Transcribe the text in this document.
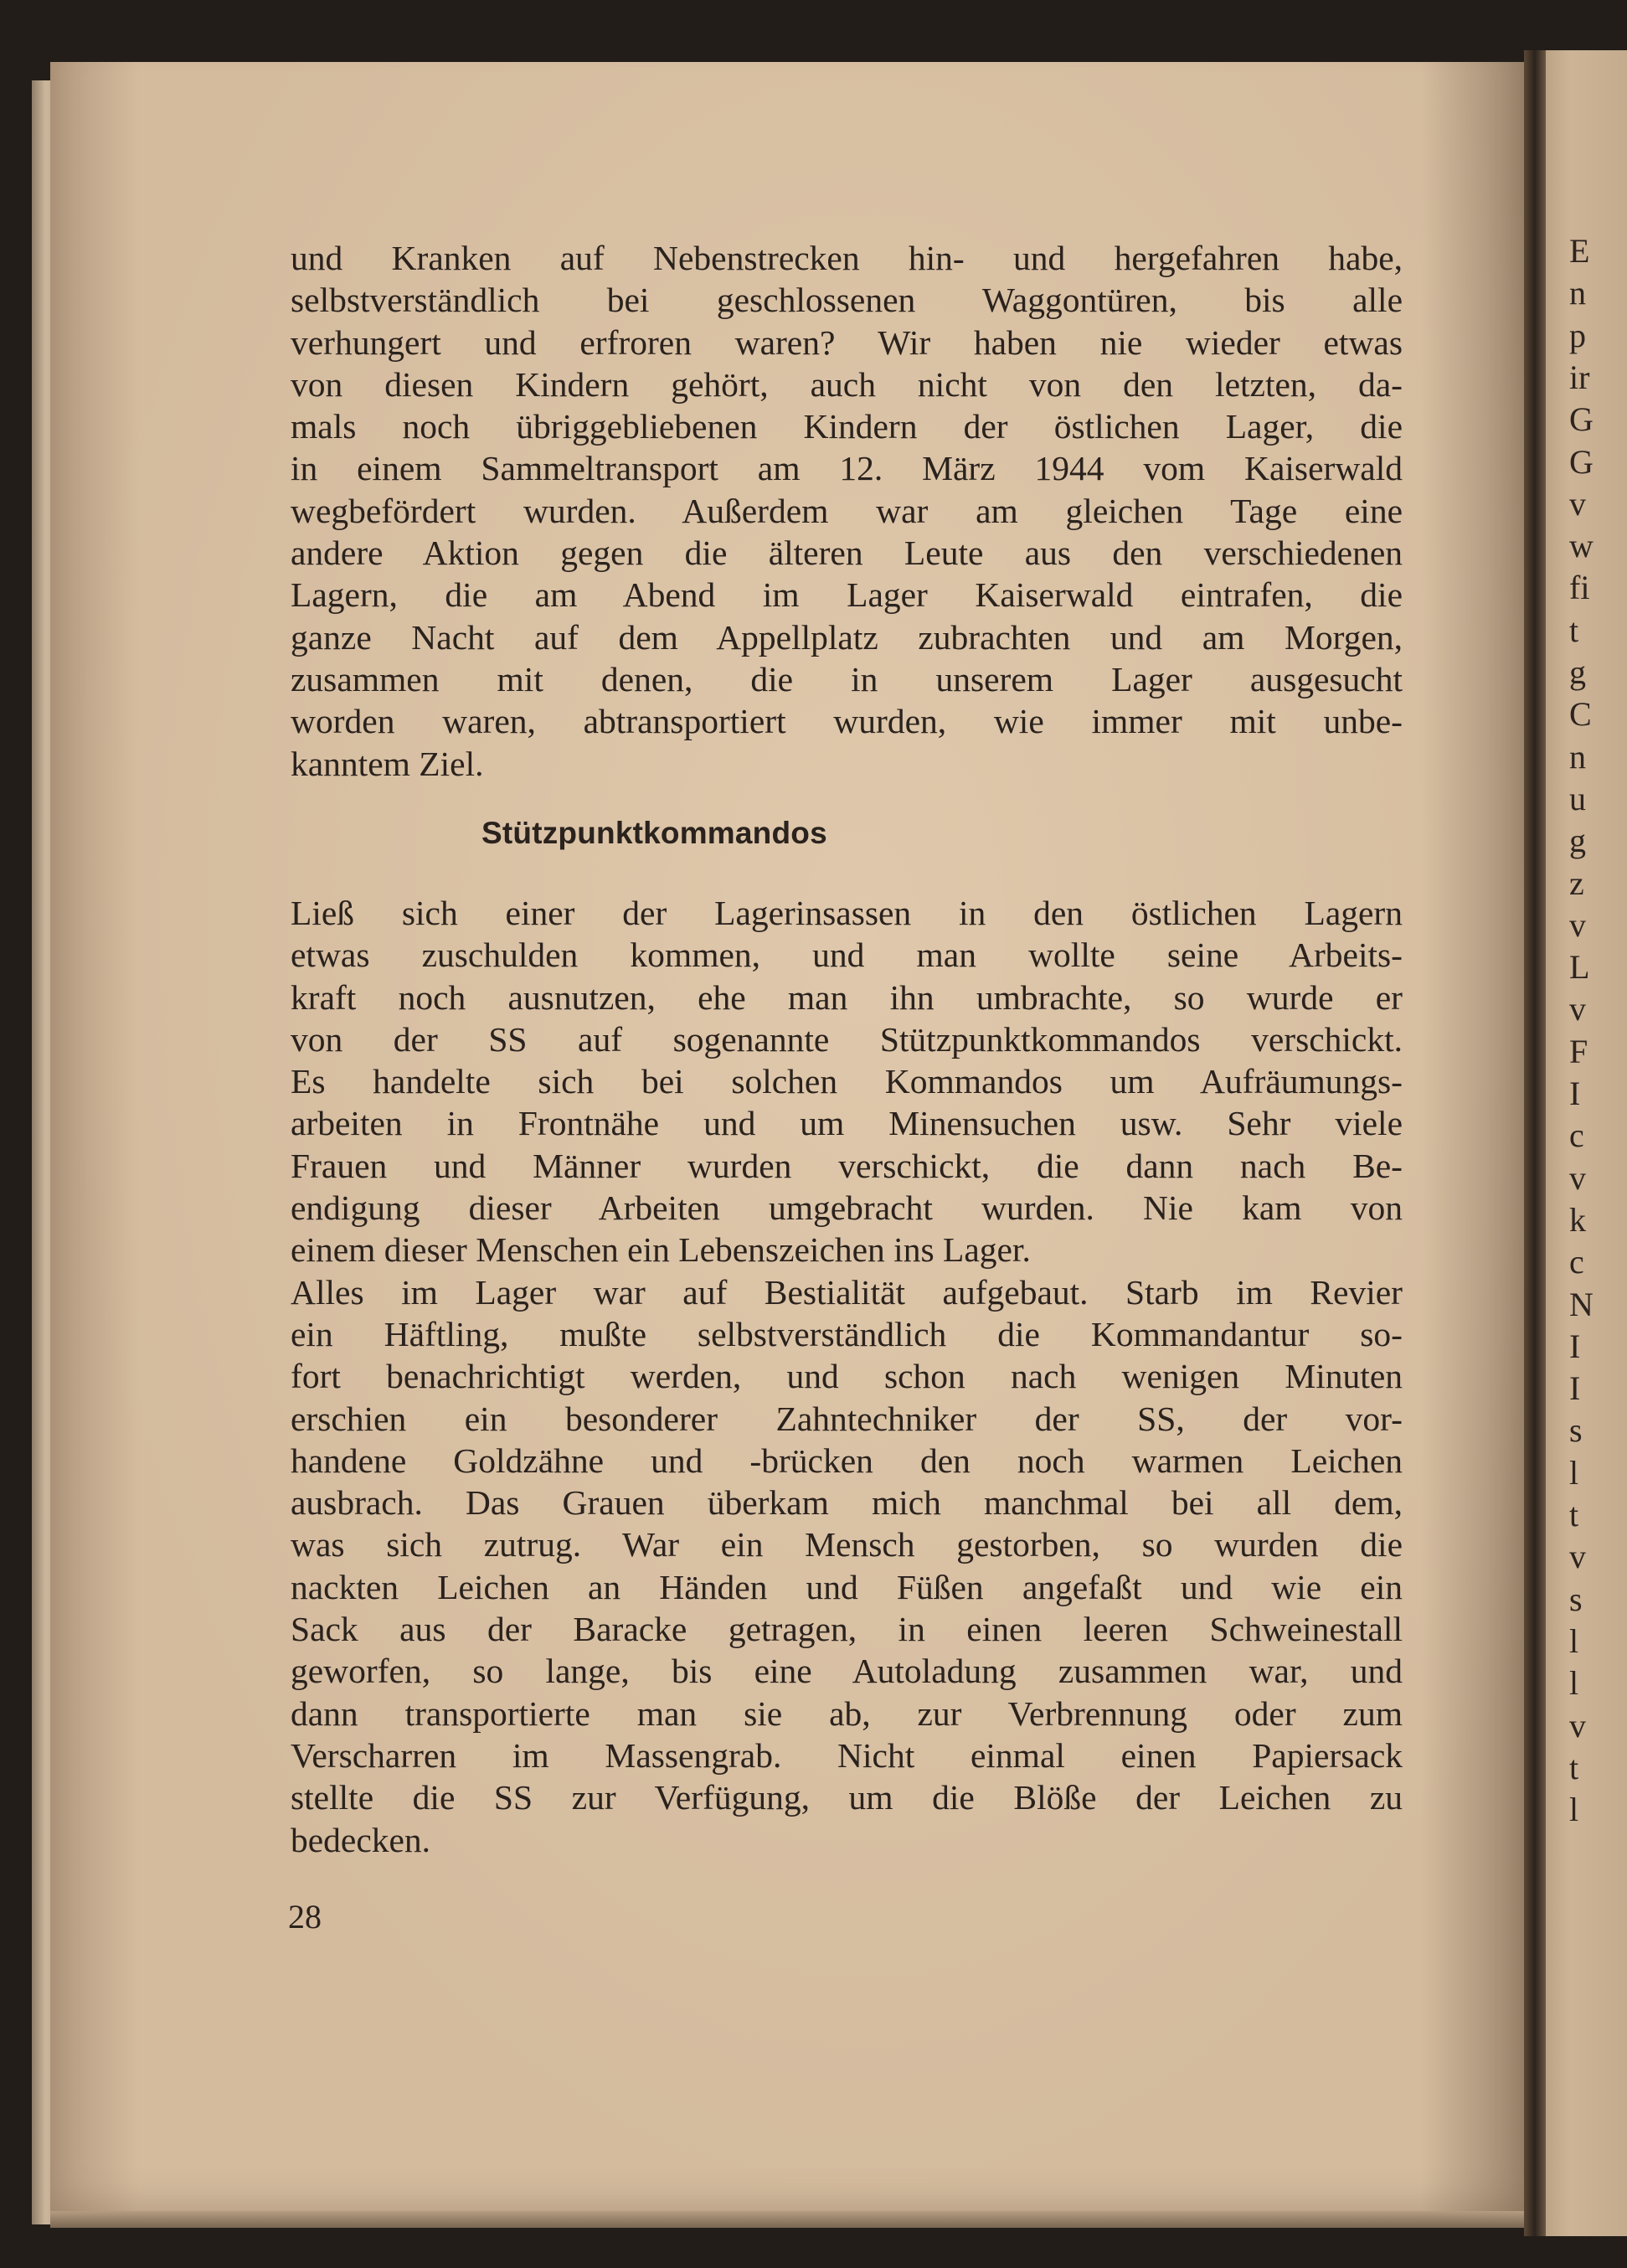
E
n
p
ir
G
G
v
w
fi
t
g
C
n
u
g
z
v
L
v
F
I
c
v
k
c
N
I
I
s
l
t
v
s
l
l
v
t
l
und Kranken auf Nebenstrecken hin- und hergefahren habe,
selbstverständlich bei geschlossenen Waggontüren, bis alle
verhungert und erfroren waren? Wir haben nie wieder etwas
von diesen Kindern gehört, auch nicht von den letzten, da-
mals noch übriggebliebenen Kindern der östlichen Lager, die
in einem Sammeltransport am 12. März 1944 vom Kaiserwald
wegbefördert wurden. Außerdem war am gleichen Tage eine
andere Aktion gegen die älteren Leute aus den verschiedenen
Lagern, die am Abend im Lager Kaiserwald eintrafen, die
ganze Nacht auf dem Appellplatz zubrachten und am Morgen,
zusammen mit denen, die in unserem Lager ausgesucht
worden waren, abtransportiert wurden, wie immer mit unbe-
kanntem Ziel.
Stützpunktkommandos
Ließ sich einer der Lagerinsassen in den östlichen Lagern
etwas zuschulden kommen, und man wollte seine Arbeits-
kraft noch ausnutzen, ehe man ihn umbrachte, so wurde er
von der SS auf sogenannte Stützpunktkommandos verschickt.
Es handelte sich bei solchen Kommandos um Aufräumungs-
arbeiten in Frontnähe und um Minensuchen usw. Sehr viele
Frauen und Männer wurden verschickt, die dann nach Be-
endigung dieser Arbeiten umgebracht wurden. Nie kam von
einem dieser Menschen ein Lebenszeichen ins Lager.
Alles im Lager war auf Bestialität aufgebaut. Starb im Revier
ein Häftling, mußte selbstverständlich die Kommandantur so-
fort benachrichtigt werden, und schon nach wenigen Minuten
erschien ein besonderer Zahntechniker der SS, der vor-
handene Goldzähne und -brücken den noch warmen Leichen
ausbrach. Das Grauen überkam mich manchmal bei all dem,
was sich zutrug. War ein Mensch gestorben, so wurden die
nackten Leichen an Händen und Füßen angefaßt und wie ein
Sack aus der Baracke getragen, in einen leeren Schweinestall
geworfen, so lange, bis eine Autoladung zusammen war, und
dann transportierte man sie ab, zur Verbrennung oder zum
Verscharren im Massengrab. Nicht einmal einen Papiersack
stellte die SS zur Verfügung, um die Blöße der Leichen zu
bedecken.
28
